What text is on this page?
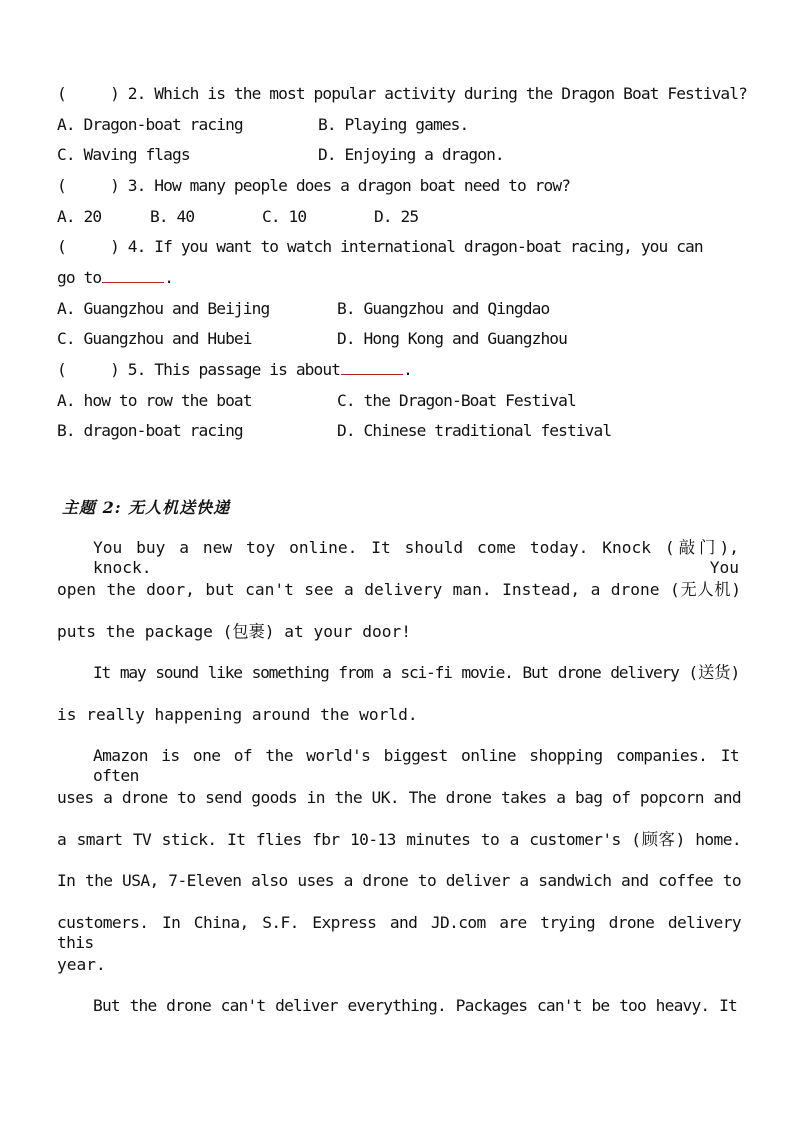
(     ) 2. Which is the most popular activity during the Dragon Boat Festival?
A. Dragon-boat racing	B. Playing games.
C. Waving flags	D. Enjoying a dragon.
(     ) 3. How many people does a dragon boat need to row?
A. 20	B. 40	C. 10	D. 25
(     ) 4. If you want to watch international dragon-boat racing, you can
go to	.
A. Guangzhou and Beijing	B. Guangzhou and Qingdao
C. Guangzhou and Hubei	D. Hong Kong and Guangzhou
(     ) 5. This passage is about	.
A. how to row the boat	C. the Dragon-Boat Festival
B. dragon-boat racing	D. Chinese traditional festival
主题 2: 无人机送快递
You buy a new toy online. It should come today. Knock (敲门), knock. You
open the door, but can't see a delivery man. Instead, a drone (无人机)
puts the package (包裹) at your door!
It may sound like something from a sci-fi movie. But drone delivery (送货)
is really happening around the world.
Amazon is one of the world's biggest online shopping companies. It often
uses a drone to send goods in the UK. The drone takes a bag of popcorn and
a smart TV stick. It flies fbr 10-13 minutes to a customer's (顾客) home.
In the USA, 7-Eleven also uses a drone to deliver a sandwich and coffee to
customers. In China, S.F. Express and JD.com are trying drone delivery this
year.
But the drone can't deliver everything. Packages can't be too heavy. It
